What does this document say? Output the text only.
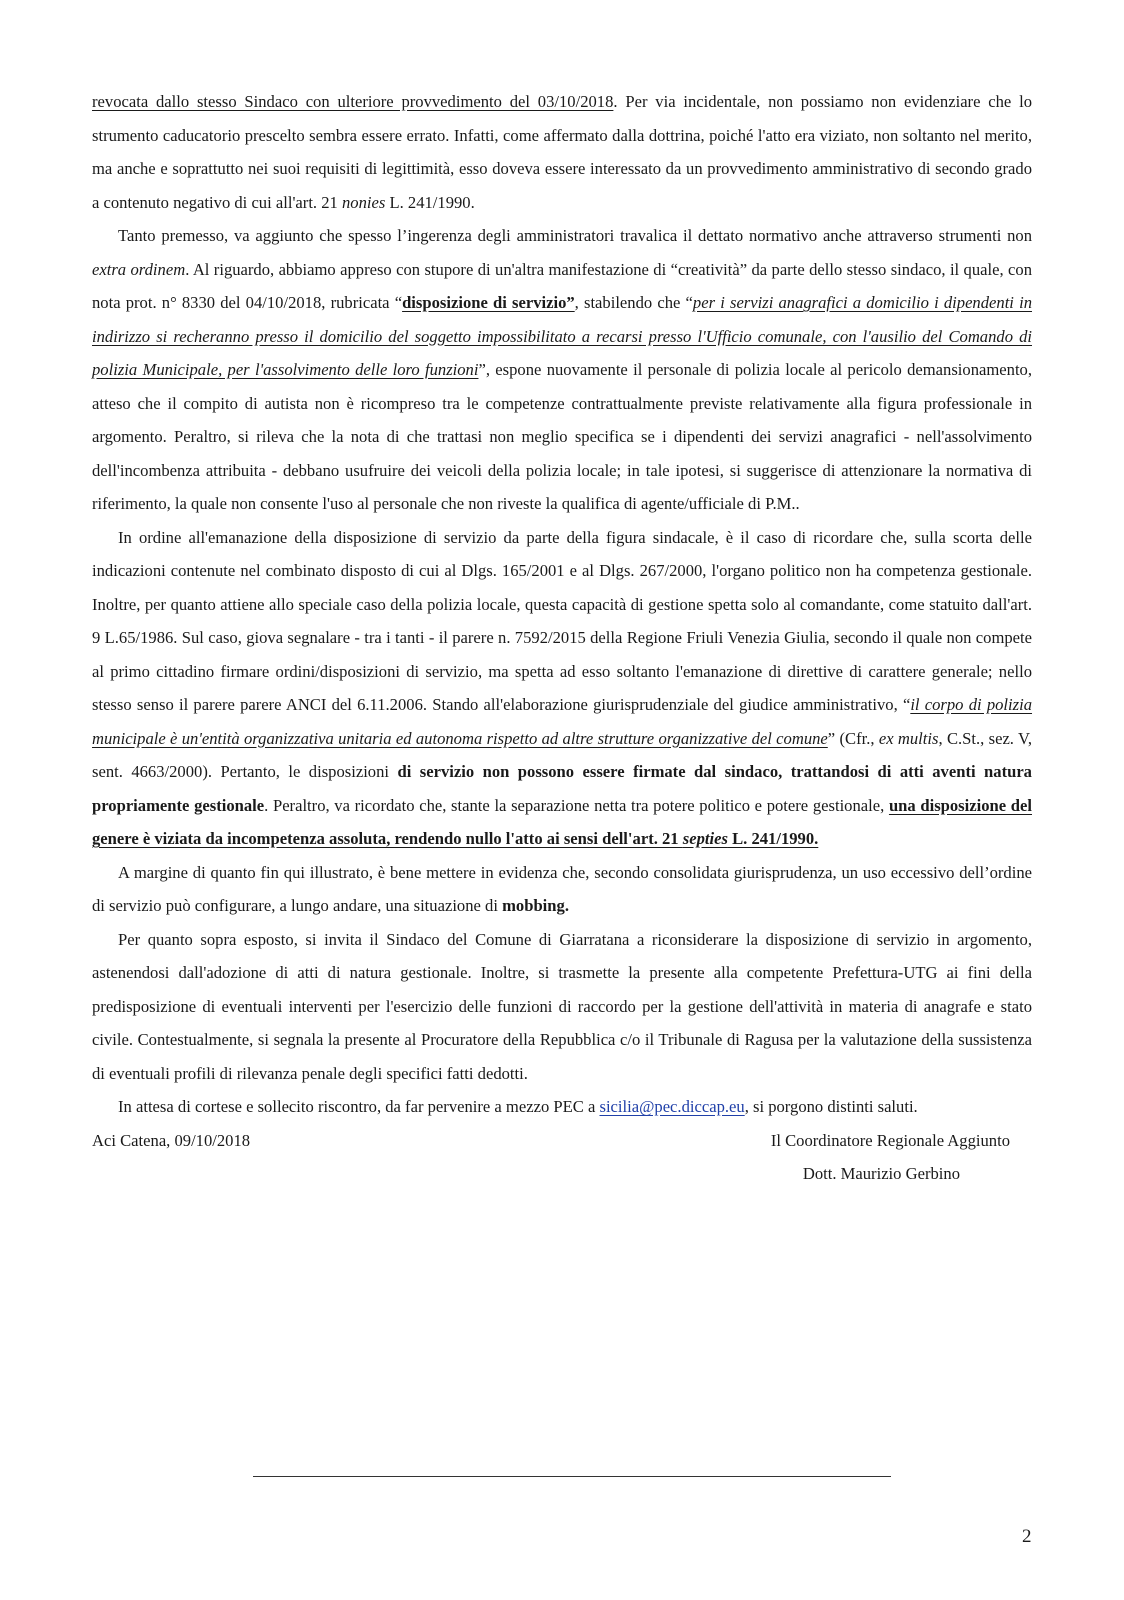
revocata dallo stesso Sindaco con ulteriore provvedimento del 03/10/2018. Per via incidentale, non possiamo non evidenziare che lo strumento caducatorio prescelto sembra essere errato. Infatti, come affermato dalla dottrina, poiché l'atto era viziato, non soltanto nel merito, ma anche e soprattutto nei suoi requisiti di legittimità, esso doveva essere interessato da un provvedimento amministrativo di secondo grado a contenuto negativo di cui all'art. 21 nonies L. 241/1990.

Tanto premesso, va aggiunto che spesso l’ingerenza degli amministratori travalica il dettato normativo anche attraverso strumenti non extra ordinem. Al riguardo, abbiamo appreso con stupore di un'altra manifestazione di “creatività” da parte dello stesso sindaco, il quale, con nota prot. n° 8330 del 04/10/2018, rubricata “disposizione di servizio”, stabilendo che “per i servizi anagrafici a domicilio i dipendenti in indirizzo si recheranno presso il domicilio del soggetto impossibilitato a recarsi presso l'Ufficio comunale, con l'ausilio del Comando di polizia Municipale, per l'assolvimento delle loro funzioni”, espone nuovamente il personale di polizia locale al pericolo demansionamento, atteso che il compito di autista non è ricompreso tra le competenze contrattualmente previste relativamente alla figura professionale in argomento. Peraltro, si rileva che la nota di che trattasi non meglio specifica se i dipendenti dei servizi anagrafici - nell'assolvimento dell'incombenza attribuita - debbano usufruire dei veicoli della polizia locale; in tale ipotesi, si suggerisce di attenzionare la normativa di riferimento, la quale non consente l'uso al personale che non riveste la qualifica di agente/ufficiale di P.M..

In ordine all'emanazione della disposizione di servizio da parte della figura sindacale, è il caso di ricordare che, sulla scorta delle indicazioni contenute nel combinato disposto di cui al Dlgs. 165/2001 e al Dlgs. 267/2000, l'organo politico non ha competenza gestionale. Inoltre, per quanto attiene allo speciale caso della polizia locale, questa capacità di gestione spetta solo al comandante, come statuito dall'art. 9 L.65/1986. Sul caso, giova segnalare - tra i tanti - il parere n. 7592/2015 della Regione Friuli Venezia Giulia, secondo il quale non compete al primo cittadino firmare ordini/disposizioni di servizio, ma spetta ad esso soltanto l'emanazione di direttive di carattere generale; nello stesso senso il parere parere ANCI del 6.11.2006. Stando all'elaborazione giurisprudenziale del giudice amministrativo, “il corpo di polizia municipale è un'entità organizzativa unitaria ed autonoma rispetto ad altre strutture organizzative del comune” (Cfr., ex multis, C.St., sez. V, sent. 4663/2000). Pertanto, le disposizioni di servizio non possono essere firmate dal sindaco, trattandosi di atti aventi natura propriamente gestionale. Peraltro, va ricordato che, stante la separazione netta tra potere politico e potere gestionale, una disposizione del genere è viziata da incompetenza assoluta, rendendo nullo l'atto ai sensi dell'art. 21 septies L. 241/1990.

A margine di quanto fin qui illustrato, è bene mettere in evidenza che, secondo consolidata giurisprudenza, un uso eccessivo dell’ordine di servizio può configurare, a lungo andare, una situazione di mobbing.

Per quanto sopra esposto, si invita il Sindaco del Comune di Giarratana a riconsiderare la disposizione di servizio in argomento, astenendosi dall'adozione di atti di natura gestionale. Inoltre, si trasmette la presente alla competente Prefettura-UTG ai fini della predisposizione di eventuali interventi per l'esercizio delle funzioni di raccordo per la gestione dell'attività in materia di anagrafe e stato civile. Contestualmente, si segnala la presente al Procuratore della Repubblica c/o il Tribunale di Ragusa per la valutazione della sussistenza di eventuali profili di rilevanza penale degli specifici fatti dedotti.

In attesa di cortese e sollecito riscontro, da far pervenire a mezzo PEC a sicilia@pec.diccap.eu, si porgono distinti saluti.

Aci Catena, 09/10/2018	Il Coordinatore Regionale Aggiunto
Dott. Maurizio Gerbino
2
